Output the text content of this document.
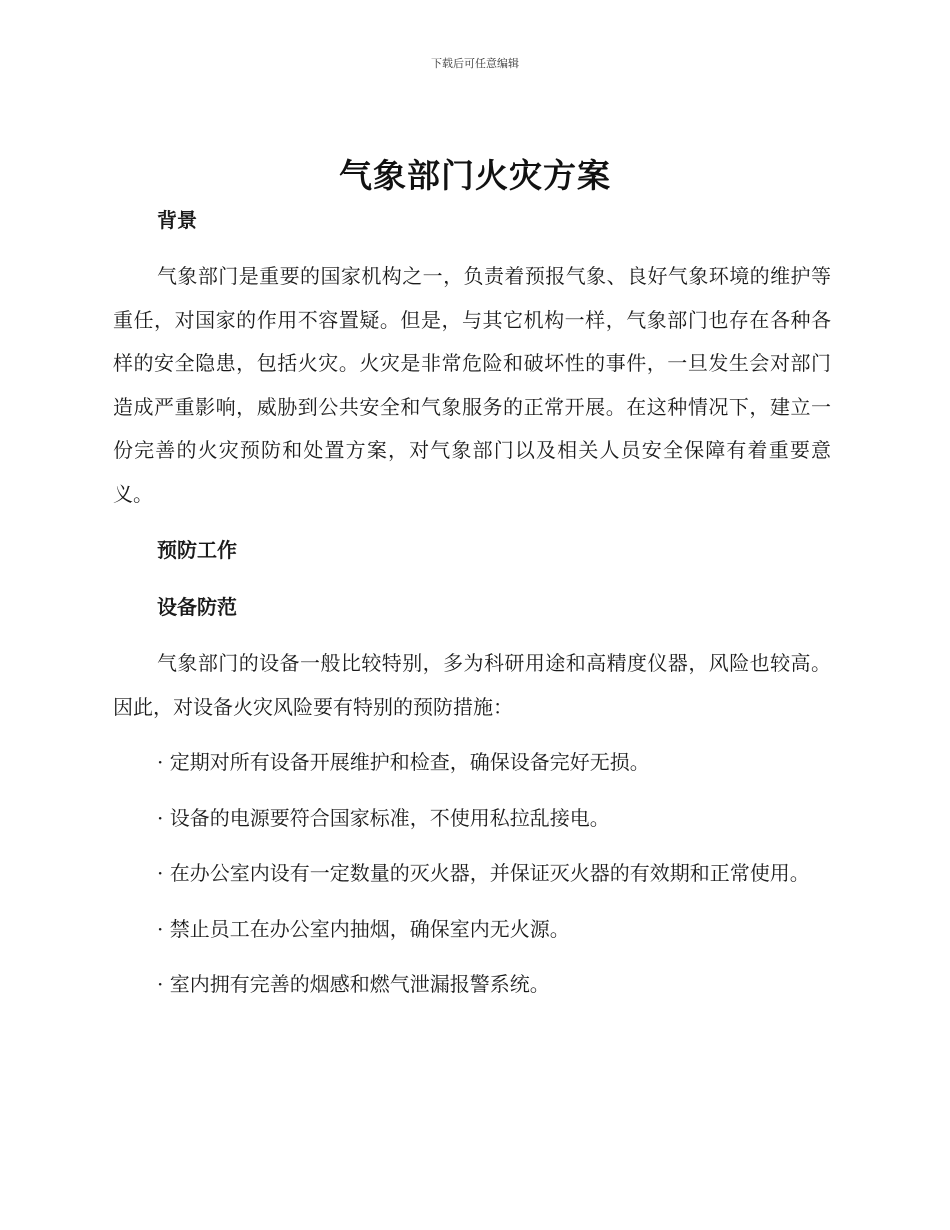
下载后可任意编辑
气象部门火灾方案

背景

气象部门是重要的国家机构之一，负责着预报气象、良好气象环境的维护等重任，对国家的作用不容置疑。但是，与其它机构一样，气象部门也存在各种各样的安全隐患，包括火灾。火灾是非常危险和破坏性的事件，一旦发生会对部门造成严重影响，威胁到公共安全和气象服务的正常开展。在这种情况下，建立一份完善的火灾预防和处置方案，对气象部门以及相关人员安全保障有着重要意义。

预防工作

设备防范

气象部门的设备一般比较特别，多为科研用途和高精度仪器，风险也较高。因此，对设备火灾风险要有特别的预防措施：

· 定期对所有设备开展维护和检查，确保设备完好无损。

· 设备的电源要符合国家标准，不使用私拉乱接电。

· 在办公室内设有一定数量的灭火器，并保证灭火器的有效期和正常使用。

· 禁止员工在办公室内抽烟，确保室内无火源。

· 室内拥有完善的烟感和燃气泄漏报警系统。
